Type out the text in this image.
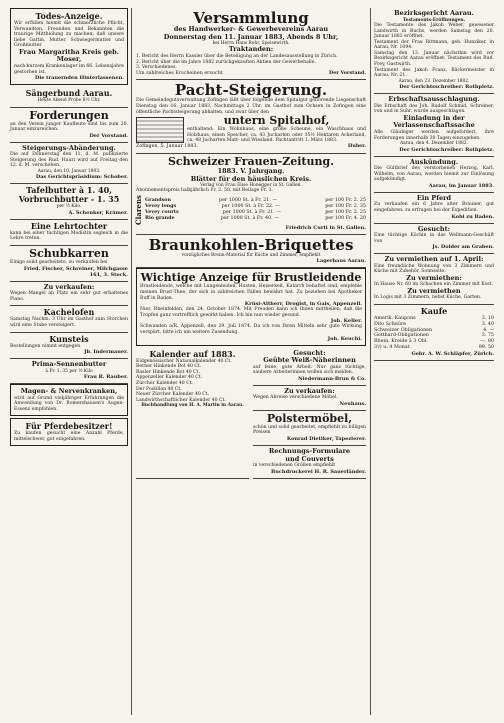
Todes-Anzeige.
Wir erfüllen hiemit die schmerzliche Pflicht, Verwandten, Freunden und Bekannten die traurige Mittheilung zu machen, daß unsere liebe Gattin, Mutter, Schwiegermutter und Großmutter
Frau Margaritha Kreis geb. Moser,
nach kurzem Krankenlager im 66. Lebensjahre gestorben ist.
Die trauernden Hinterlassenen.
Sängerbund Aarau.
Heute Abend Probe 8½ Uhr.
Forderungen
an den Verein junger Kaufleute sind bis zum 20. Januar einzureichen.
Der Vorstand.
Steigerungs-Abänderung.
Die auf Donnerstag den 11. d. M. publizierte Steigerung des Rud. Hauri wird auf Freitag den 12. d. M. verschoben.
Aarau, den 10. Januar 1883.
Das Gerichtspräsidium: Schober.
Tafelbutter à 1. 40,
Vorbruchbutter - 1. 35
per ½ Kilo.
A. Schenker, Krämer.
Eine Lehrtochter
kann bei einer tüchtigen Modistin sogleich in die Lehre treten.
Schubkarren
Einige solid gearbeitete, zu verkaufen bei
Fried. Fischer, Schreiner, Milchgasse 161, 3. Stock.
Zu verkaufen:
Wegen Mangel an Platz ein sehr gut erhaltenes Piano.
Kachelofen
Samstag Nachm. 3 Uhr im Gasthof zum Storchen wird eine Stube versteigert.
Kunsteis
Bestellungen nimmt entgegen
Jb. Indermauer.
Prima-Sennenbutter
à Fr. 1. 35 per ½ Kilo
Frau R. Rauber.
Magen- & Nervenkranken,
wird auf Grund vieljähriger Erfahrungen die Anwendung von Dr. Romershausen's Augen-Essenz empfohlen.
Für Pferdebesitzer!
Zu kaufen gesucht eine Anzahl Pferde, mittelschwer, gut eingefahren.
Versammlung
des Handwerker- & Gewerbevereins Aarau
Donnerstag den 11. Januar 1883, Abends 8 Uhr,
bei Herrn Hans Rohr, Speisewirth.
Traktanden:
1. Bericht des Herrn Kassier über die Beteiligung an der Landesausstellung in Zürich.
2. Bericht über die im Jahre 1882 zurückgekauften Aktien der Gewerbehalle.
3. Verschiedenes.
Um zahlreiches Erscheinen ersucht	Der Vorstand.
Pacht-Steigerung.
Die Gemeindegutsverwaltung Zofingen läßt über folgende dem Spitalgut gehörende Liegenschaft Dienstag den 16. Januar 1883, Nachmittags 2 Uhr, im Gasthof zum Ochsen in Zofingen eine öffentliche Pachtsteigerung abhalten, und zwar über den
untern Spitalhof,
enthaltend: Ein Wohnhaus, eine große Scheune, ein Waschhaus und Holzhaus, einen Speicher, ca. 43 Jucharten oder 15½ Hektaren Ackerland, ca. 48 Jucharten Matt- und Wiesland. Pachtantritt 1. März 1883.
Zofingen, 5. Januar 1883.	Huber.
Schweizer Frauen-Zeitung.
1883. V. Jahrgang.
Blätter für den häuslichen Kreis.
Verlag von Frau Elise Honegger in St. Gallen.
Abonnementspreis halbjährlich Fr. 2. 50, mit Beilage Fr. 3.
Clarens Grandson	per 1000 St. à Fr. 21. —	per 100 Fr. 2. 25
Vevey longs	per 1000 St. à Fr. 22. —	per 100 Fr. 2. 35
Vevey courts	per 1000 St. à Fr. 21. —	per 100 Fr. 2. 25
Rio grande	per 1000 St. à Fr. 40. —	per 100 Fr. 4. 20
Friedrich Curti in St. Gallen.
Braunkohlen-Briquettes
vorzügliches Brenn-Material für Küche und Zimmer, empfiehlt
Lagerhaus Aarau.
Wichtige Anzeige für Brustleidende
Brustleidende, welche mit Lungenleiden, Husten, Heiserkeit, Katarrh behaftet sind, empfehle meinen Brust-Thee, der sich in zahlreichen Fällen bewährt hat. Zu beziehen bei Apotheker Ruff in Baden.
Krüsi-Altherr, Drogist, in Gais, Appenzell.
Nier, Rheinfelden, den 24. October 1874. Mit Freuden kann ich Ihnen mittheilen, daß die Tropfen ganz vortrefflich gewirkt haben. Ich bin nun wieder gesund.
Joh. Keller.
Schwanden a/R. Appenzell, den 29. Juli 1874. Da ich von Ihren Mitteln sehr gute Wirkung verspürt, bitte ich um weitere Zusendung.
Joh. Keuchi.
Kalender auf 1883.
Eidgenössischer Nationalkalender 40 Ct.
Berner Hinkende Bot 40 Ct.
Basler Hinkende Bot 40 Ct.
Appenzeller Kalender 40 Ct.
Zürcher Kalender 40 Ct.
Der Postillon 40 Ct.
Neuer Zürcher Kalender 40 Ct.
Landwirthschaftlicher Kalender 40 Ct.
Buchhandlung von H. A. Martin in Aarau.
Gesucht:
Geübte Weiß-Näherinnen
auf feine, gute Arbeit. Nur ganz tüchtige, saubere Arbeiterinnen wollen sich melden.
Niedermann-Brun & Co.
Zu verkaufen:
Wegen Abreise verschiedene Möbel.
Neuhaus.
Polstermöbel,
schön und solid gearbeitet, empfiehlt zu billigen Preisen
Konrad Dietiker, Tapezierer.
Rechnungs-Formulare
und Couverts
in verschiedenen Größen empfiehlt
Buchdruckerei H. R. Sauerländer.
Bezirksgericht Aarau.
Testaments-Eröffnungen.
Die Testamente des Jakob Weber, gewesener Landwirth in Buchs, werden Samstag den 20. Januar 1883 eröffnet.
Testament der Frau Rittmann, geb. Hunziker, in Aarau, Nr. 1094.
Samstag den 13. Januar nächsthin wird vor Bezirksgericht Aarau eröffnet: Testament des Rud. Frey, Gastwirth.
Testament des Jakob Franz, Bäckermeister in Aarau, Nr. 21.
Aarau, den 23. Dezember 1882.
Der Gerichtsschreiber: Rothpletz.
Erbschaftsausschlagung.
Die Erbschaft des Joh. Rudolf Schmid, Schreiner, von und in Suhr, wurde ausgeschlagen.
Einladung in der Verlassenschaftssache
Alle Gläubiger werden aufgefordert, ihre Forderungen innerhalb 30 Tagen einzugeben.
Aarau, den 4. Dezember 1882.
Der Gerichtsschreiber: Rothpletz.
Auskündung.
Die Gültbrief des verstorbenen Herzog, Karl, Wilhelm, von Aarau, werden hiemit zur Einlösung aufgekündigt.
Aarau, im Januar 1883.
Ein Pferd
Zu verkaufen ein 6 Jahre alter Brauner, gut eingefahren; zu erfragen bei der Expedition.
Kobi zu Baden.
Gesucht:
Eine tüchtige Köchin in das Wellmann-Geschäft von
Js. Dolder am Graben.
Zu vermiethen auf 1. April:
Eine freundliche Wohnung von 3 Zimmern und Küche mit Zubehör, Sonnseite.
Zu vermiethen:
In Hause Nr. 60 im Schachen ein Zimmer mit Kost.
Zu vermiethen
In Logis mit 3 Zimmern, nebst Küche, Garten.
Kaufe
Amerik. Kaupons	3. 10
Dito Schnüre	3. 40
Schweizer Obligationen	4. —
Gotthard-Obligationen	3. 75
Rhein. Kreide à 3 Obl.	—. 80
3½ u. 4 Monat	99. 50
Gebr. A. W. Schläpfer, Zürich.
